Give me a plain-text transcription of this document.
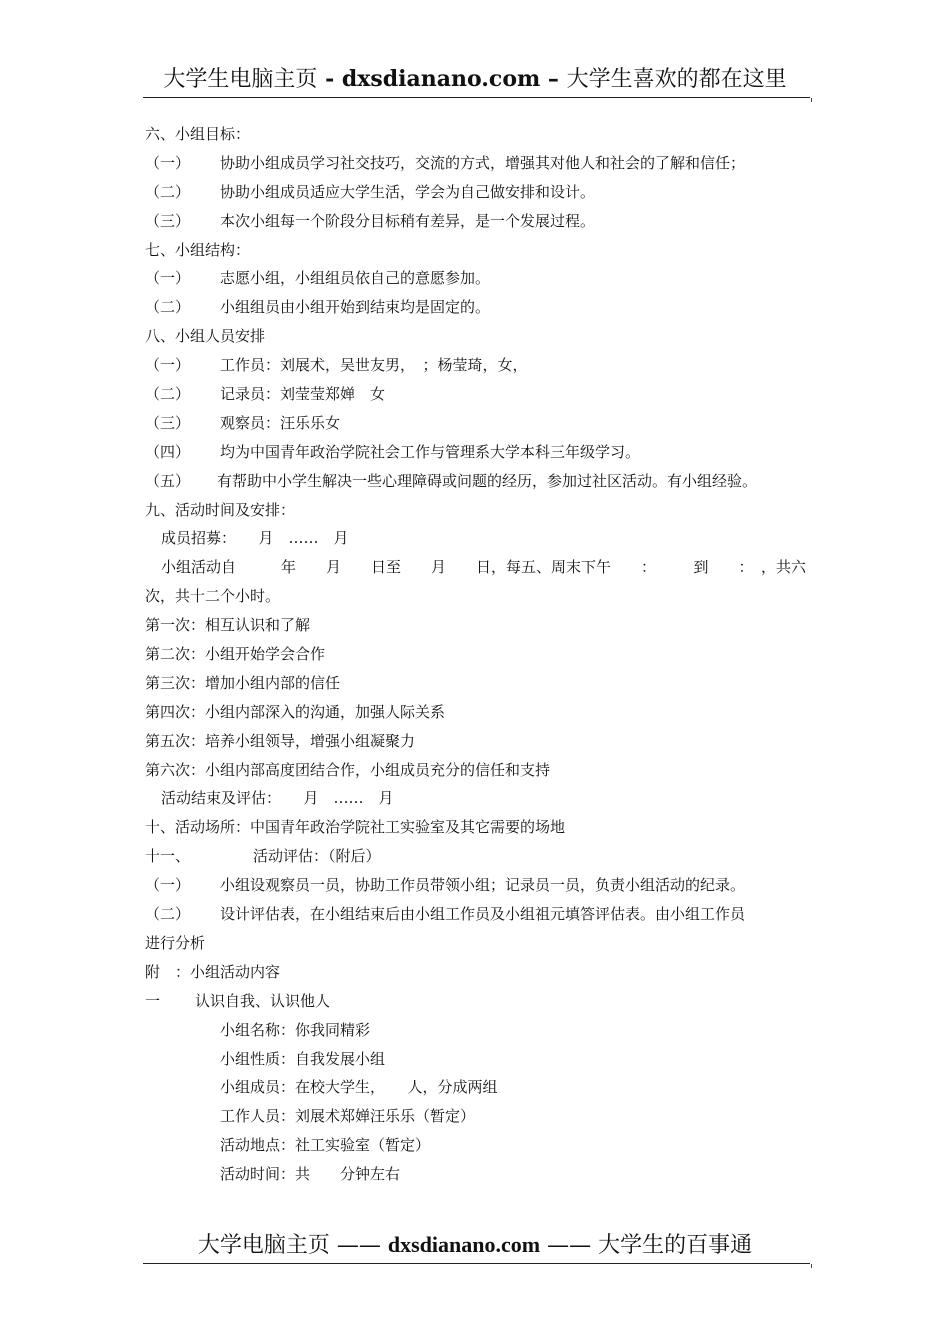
大学生电脑主页 - dxsdianano.com – 大学生喜欢的都在这里
六、小组目标：
（一） 协助小组成员学习社交技巧，交流的方式，增强其对他人和社会的了解和信任；
（二） 协助小组成员适应大学生活，学会为自己做安排和设计。
（三） 本次小组每一个阶段分目标稍有差异，是一个发展过程。
七、小组结构：
（一） 志愿小组，小组组员依自己的意愿参加。
（二） 小组组员由小组开始到结束均是固定的。
八、小组人员安排
（一） 工作员：刘展术，吴世友男，　；杨莹琦，女，
（二） 记录员：刘莹莹郑婵　女
（三） 观察员：汪乐乐女
（四） 均为中国青年政治学院社会工作与管理系大学本科三年级学习。
（五） 有帮助中小学生解决一些心理障碍或问题的经历，参加过社区活动。有小组经验。
九、活动时间及安排：
成员招募：　　月　……　月
小组活动自　　　年　　月　　日至　　月　　日，每五、周末下午　　：　　　到　　：　，共六
次，共十二个小时。
第一次：相互认识和了解
第二次：小组开始学会合作
第三次：增加小组内部的信任
第四次：小组内部深入的沟通，加强人际关系
第五次：培养小组领导，增强小组凝聚力
第六次：小组内部高度团结合作，小组成员充分的信任和支持
活动结束及评估：　　月　……　月
十、活动场所：中国青年政治学院社工实验室及其它需要的场地
十一、	活动评估：（附后）
（一） 小组设观察员一员，协助工作员带领小组；记录员一员，负责小组活动的纪录。
（二） 设计评估表，在小组结束后由小组工作员及小组祖元填答评估表。由小组工作员
进行分析
附　：小组活动内容
一 认识自我、认识他人
小组名称：你我同精彩
小组性质：自我发展小组
小组成员：在校大学生，　　人，分成两组
工作人员：刘展术郑婵汪乐乐（暂定）
活动地点：社工实验室（暂定）
活动时间：共　　分钟左右
大学电脑主页 —— dxsdianano.com —— 大学生的百事通
